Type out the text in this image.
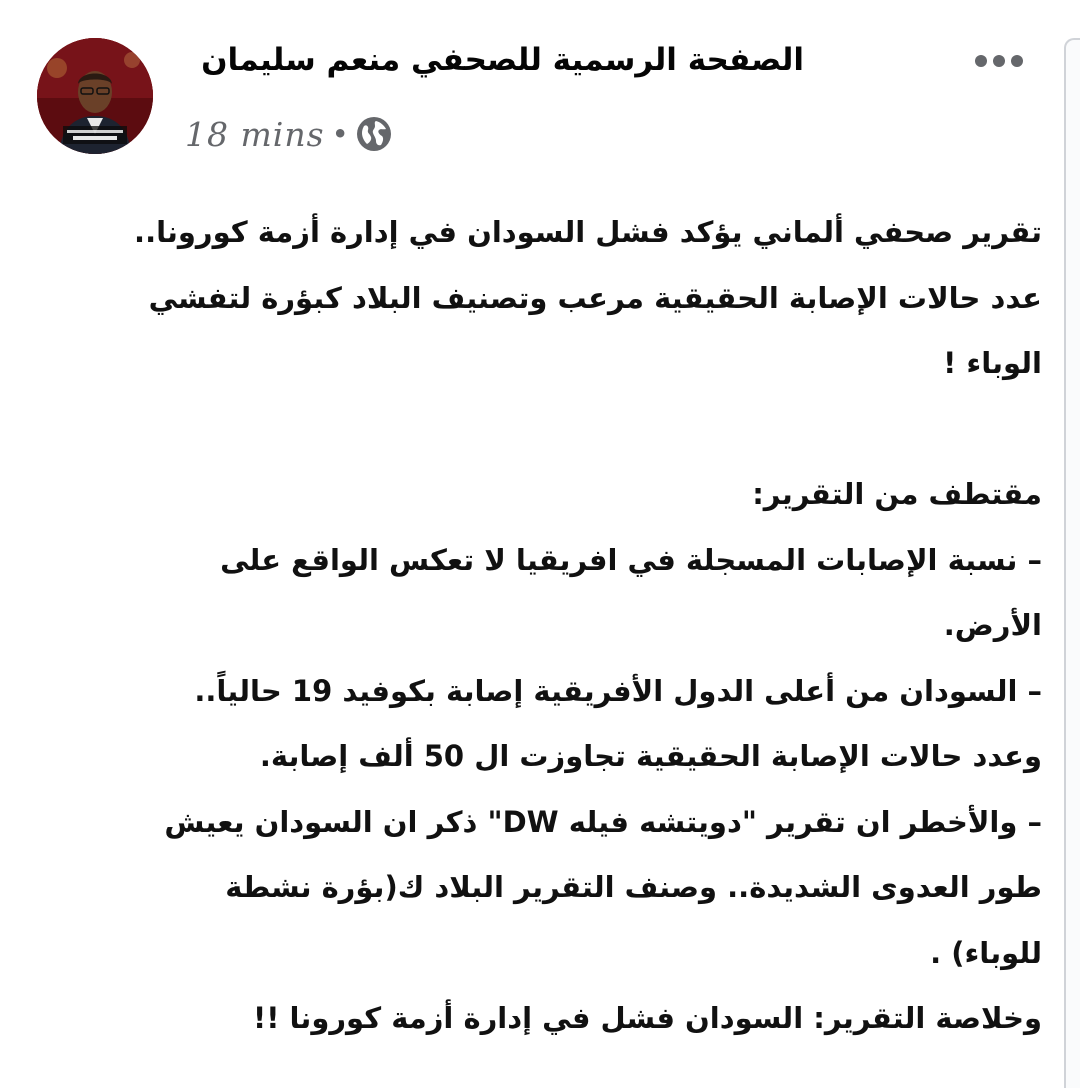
الصفحة الرسمية للصحفي منعم سليمان
18 mins •
تقرير صحفي ألماني يؤكد فشل السودان في إدارة أزمة كورونا..
عدد حالات الإصابة الحقيقية مرعب وتصنيف البلاد كبؤرة لتفشي
الوباء !
مقتطف من التقرير:
– نسبة الإصابات المسجلة في افريقيا لا تعكس الواقع على
الأرض.
– السودان من أعلى الدول الأفريقية إصابة بكوفيد 19 حالياً..
وعدد حالات الإصابة الحقيقية تجاوزت ال 50 ألف إصابة.
– والأخطر ان تقرير "دويتشه فيله DW" ذكر ان السودان يعيش
طور العدوى الشديدة.. وصنف التقرير البلاد ك(بؤرة نشطة
للوباء) .
وخلاصة التقرير: السودان فشل في إدارة أزمة كورونا !!
